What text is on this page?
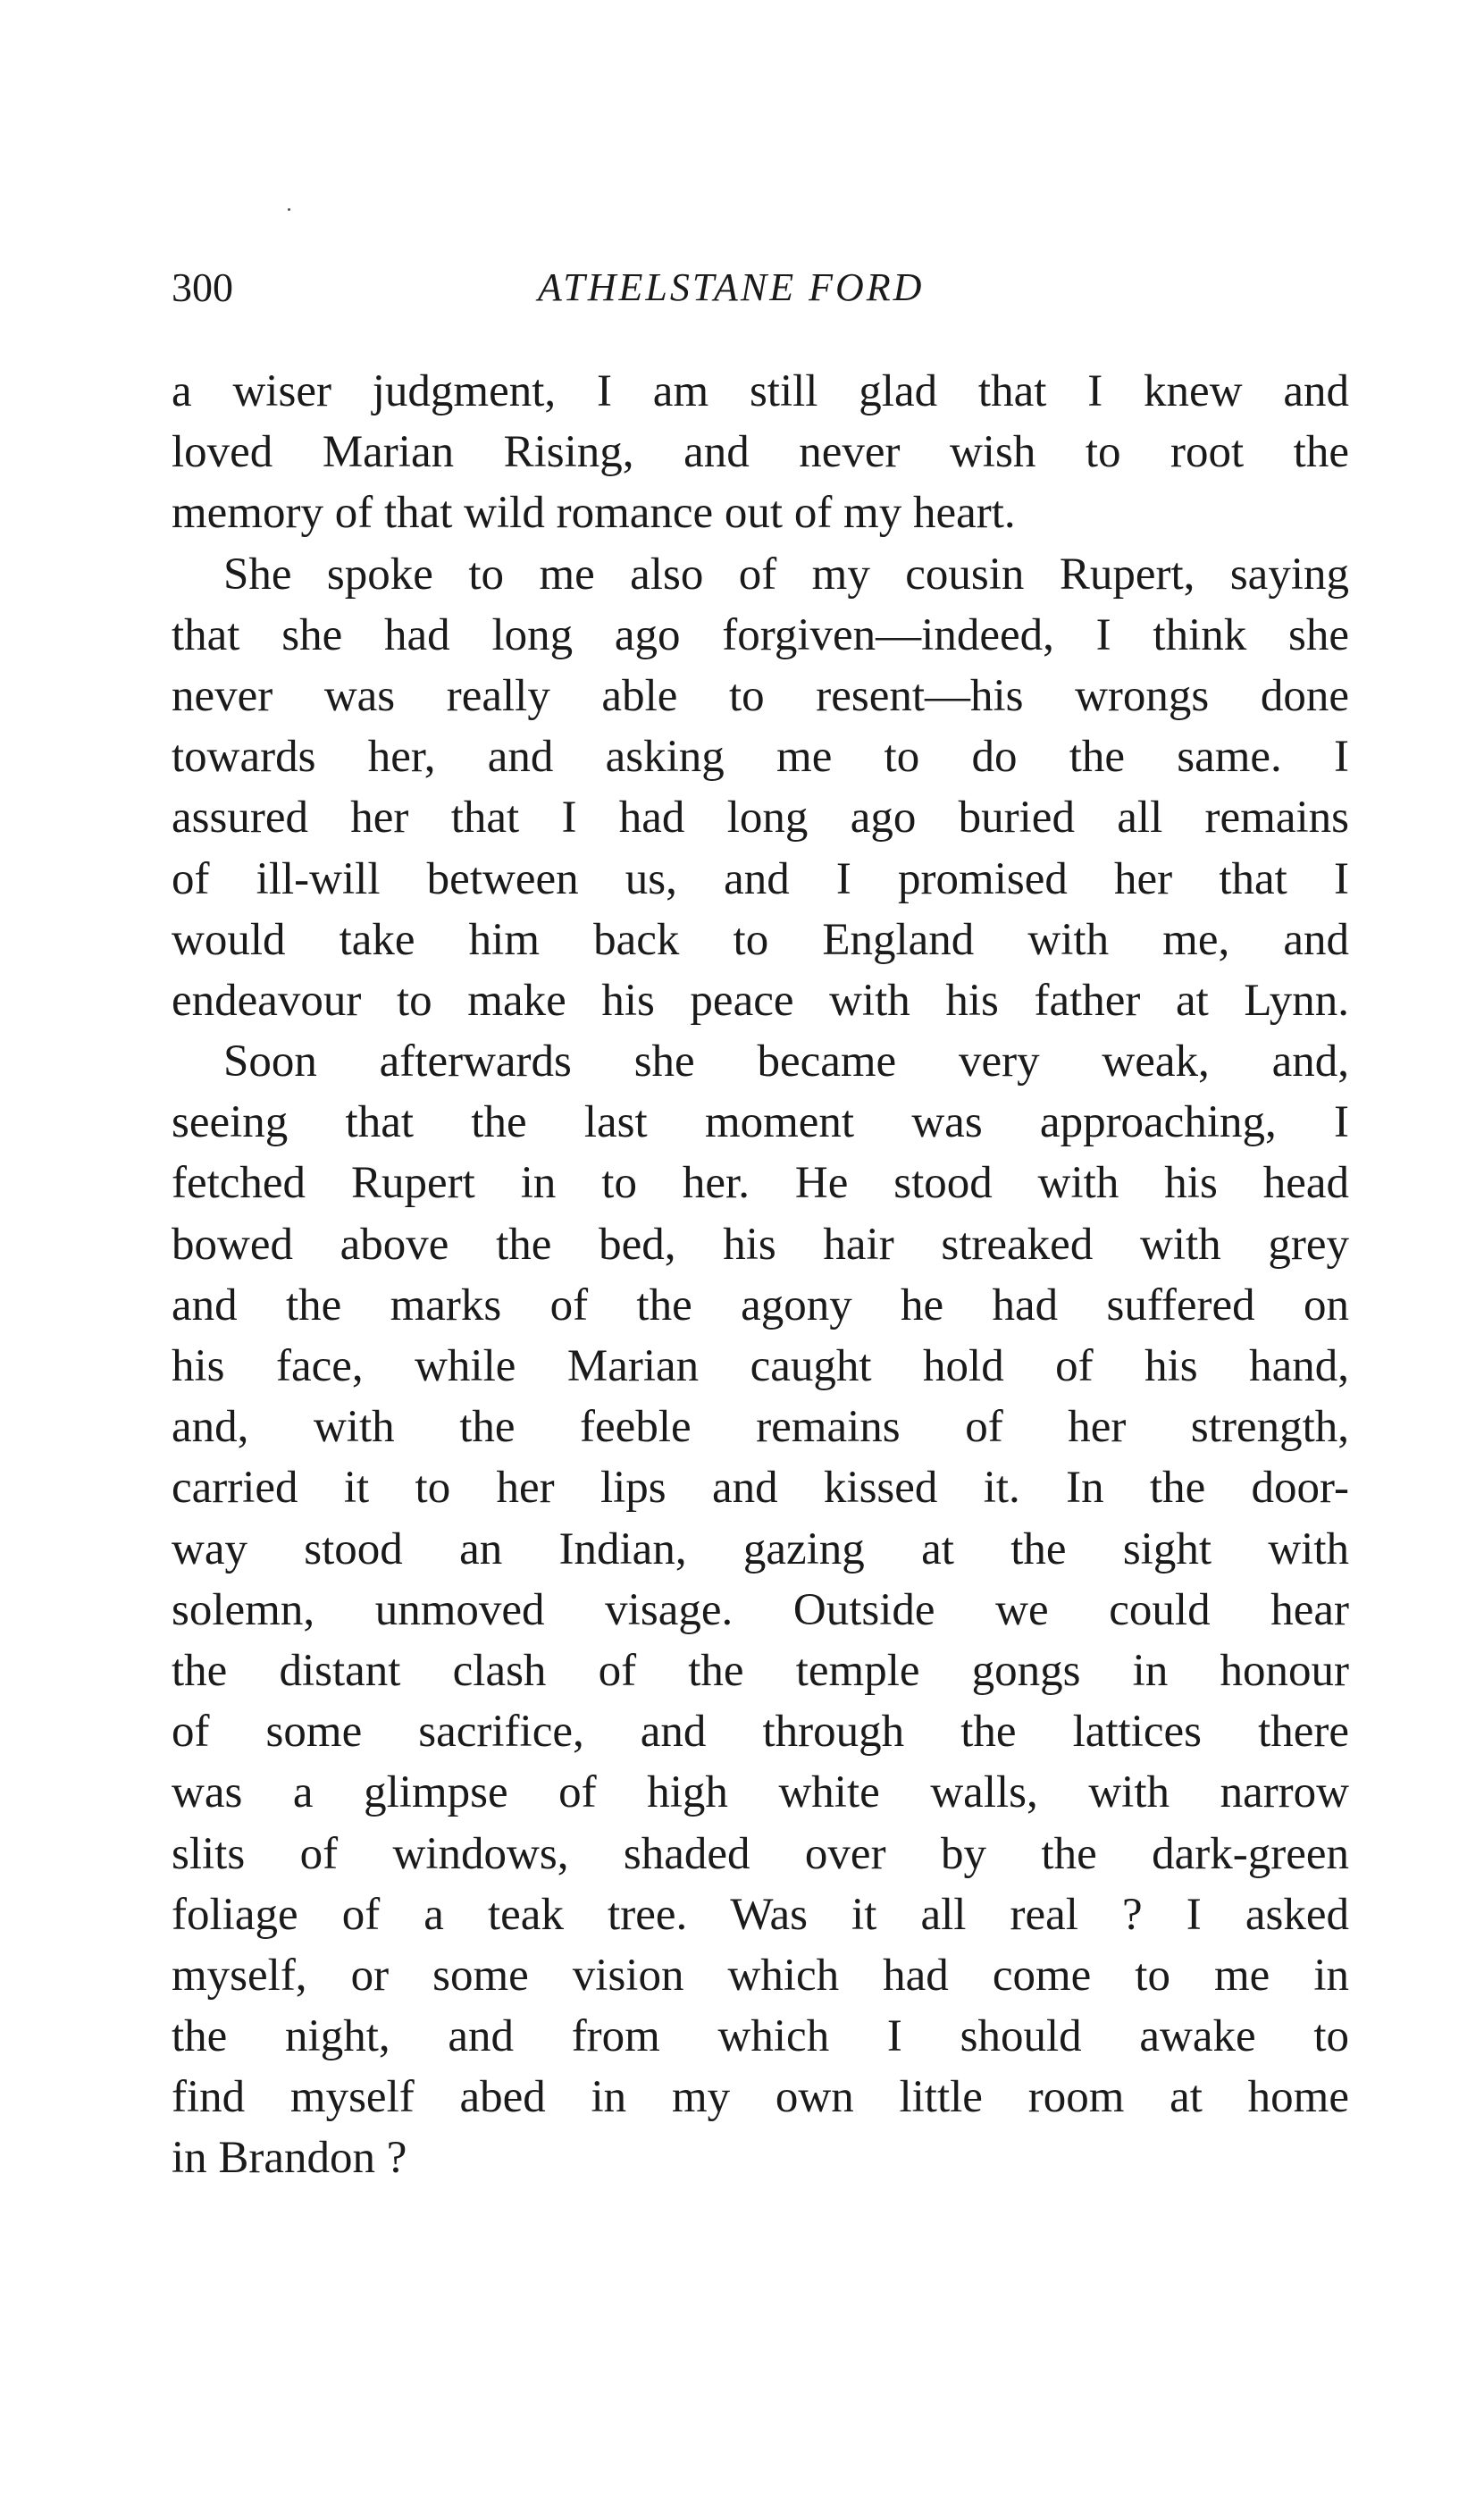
300	ATHELSTANE FORD
a wiser judgment, I am still glad that I knew and
loved Marian Rising, and never wish to root the
memory of that wild romance out of my heart.
She spoke to me also of my cousin Rupert, saying
that she had long ago forgiven—indeed, I think she
never was really able to resent—his wrongs done
towards her, and asking me to do the same. I
assured her that I had long ago buried all remains
of ill-will between us, and I promised her that I
would take him back to England with me, and
endeavour to make his peace with his father at Lynn.
Soon afterwards she became very weak, and,
seeing that the last moment was approaching, I
fetched Rupert in to her. He stood with his head
bowed above the bed, his hair streaked with grey
and the marks of the agony he had suffered on
his face, while Marian caught hold of his hand,
and, with the feeble remains of her strength,
carried it to her lips and kissed it. In the door-
way stood an Indian, gazing at the sight with
solemn, unmoved visage. Outside we could hear
the distant clash of the temple gongs in honour
of some sacrifice, and through the lattices there
was a glimpse of high white walls, with narrow
slits of windows, shaded over by the dark-green
foliage of a teak tree. Was it all real ? I asked
myself, or some vision which had come to me in
the night, and from which I should awake to
find myself abed in my own little room at home
in Brandon ?
